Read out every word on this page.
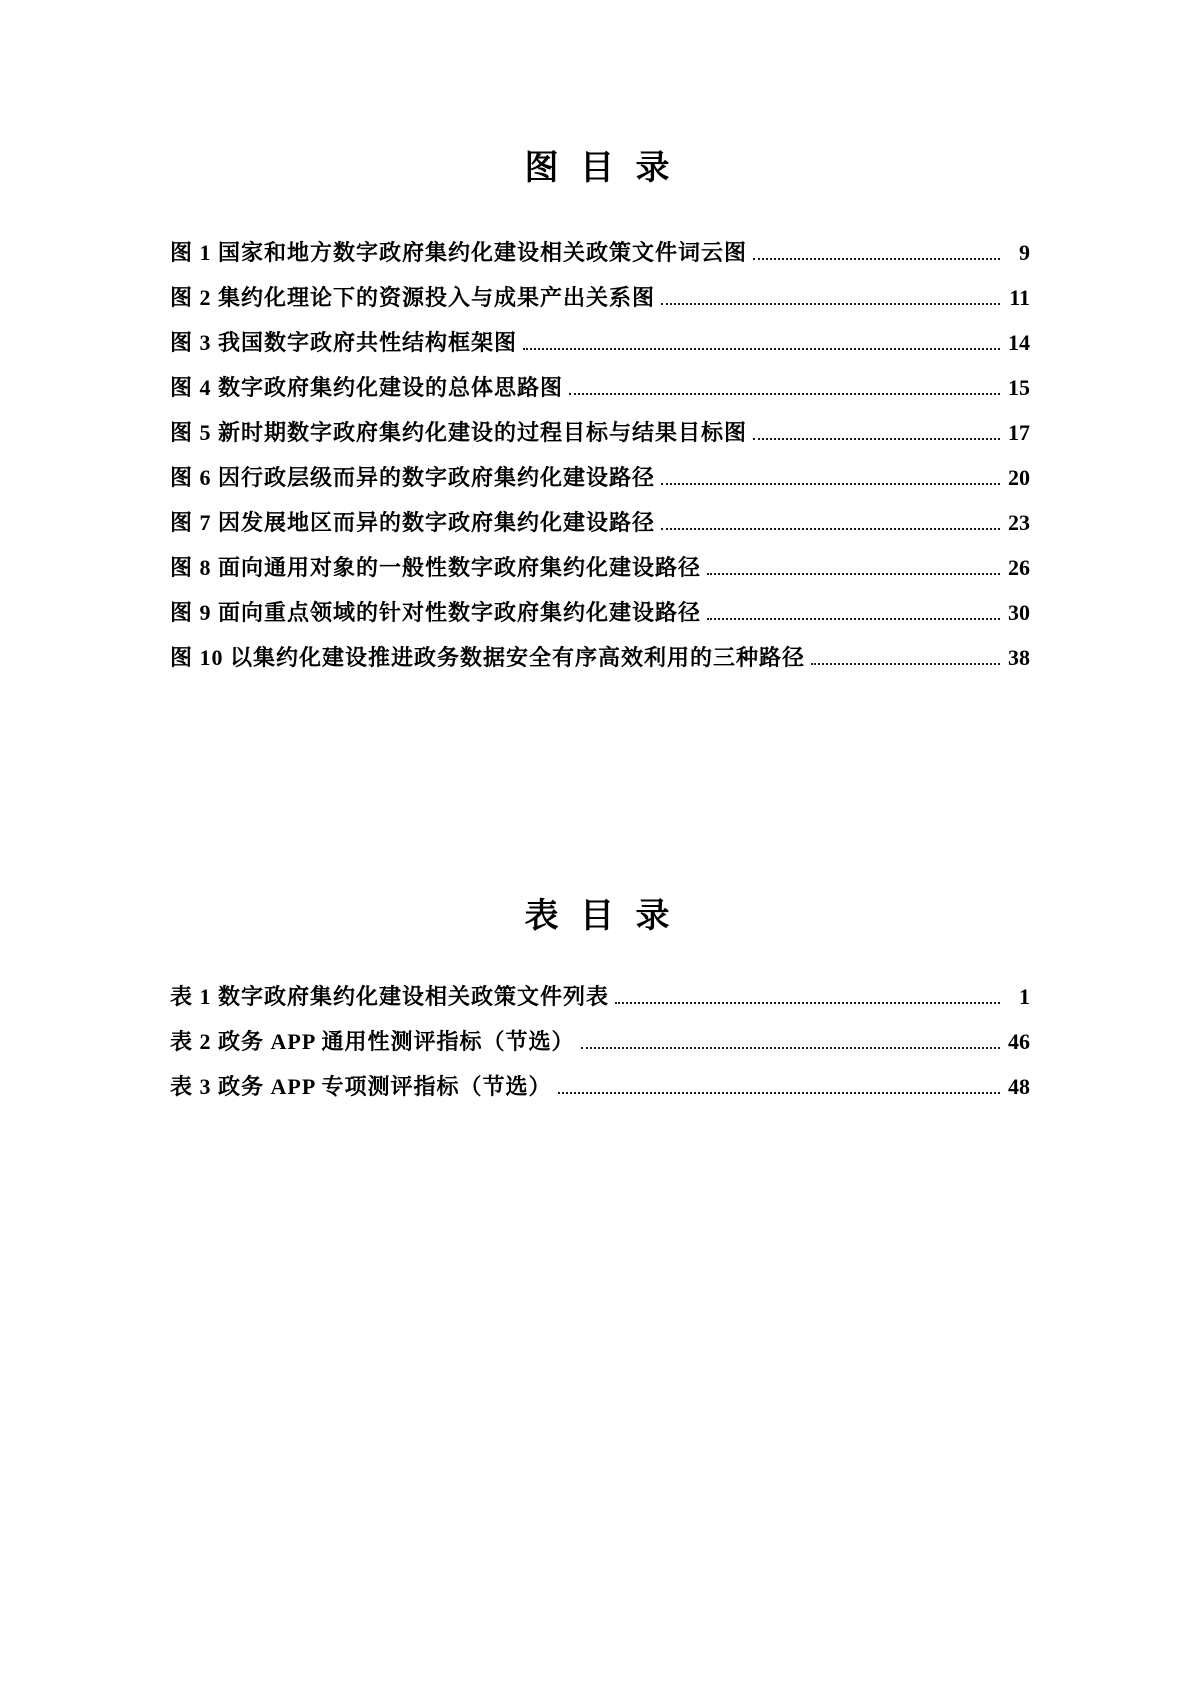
图 目 录
图 1 国家和地方数字政府集约化建设相关政策文件词云图	9
图 2 集约化理论下的资源投入与成果产出关系图	11
图 3 我国数字政府共性结构框架图	14
图 4 数字政府集约化建设的总体思路图	15
图 5 新时期数字政府集约化建设的过程目标与结果目标图	17
图 6 因行政层级而异的数字政府集约化建设路径	20
图 7 因发展地区而异的数字政府集约化建设路径	23
图 8 面向通用对象的一般性数字政府集约化建设路径	26
图 9 面向重点领域的针对性数字政府集约化建设路径	30
图 10 以集约化建设推进政务数据安全有序高效利用的三种路径	38
表 目 录
表 1 数字政府集约化建设相关政策文件列表	1
表 2 政务 APP 通用性测评指标（节选）	46
表 3 政务 APP 专项测评指标（节选）	48
